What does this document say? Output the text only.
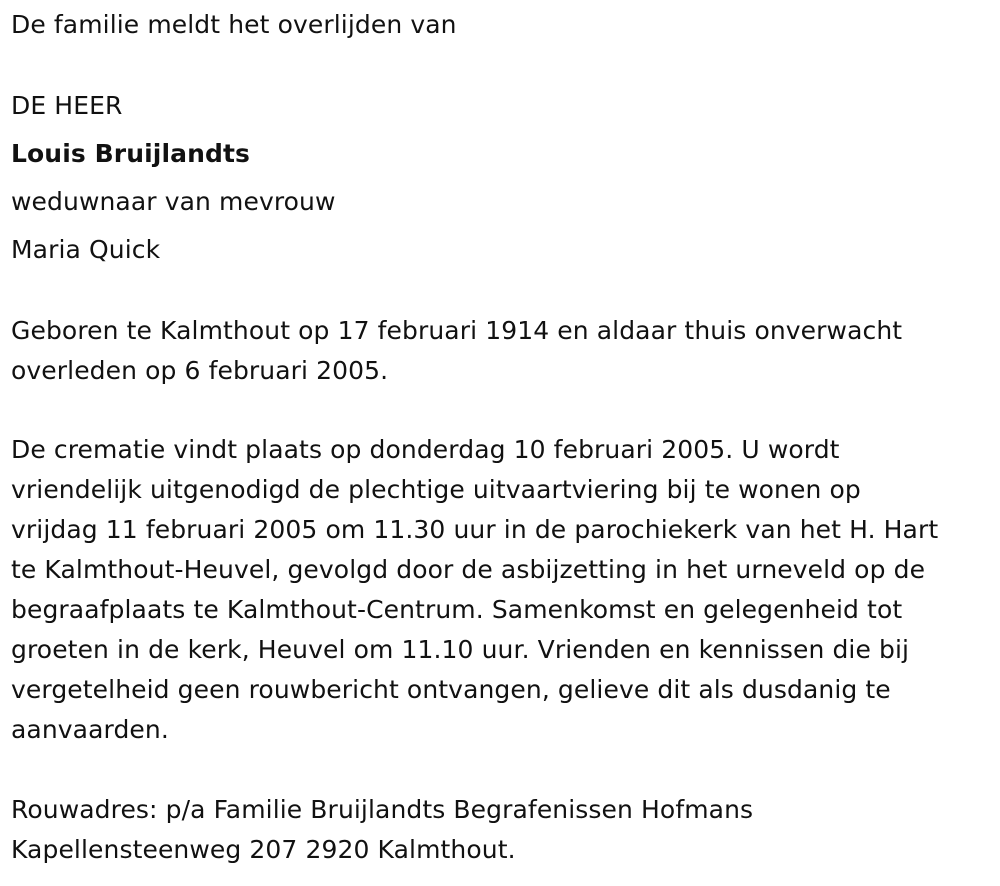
De familie meldt het overlijden van
DE HEER
Louis Bruijlandts
weduwnaar van mevrouw
Maria Quick
Geboren te Kalmthout op 17 februari 1914 en aldaar thuis onverwacht
overleden op 6 februari 2005.
De crematie vindt plaats op donderdag 10 februari 2005. U wordt
vriendelijk uitgenodigd de plechtige uitvaartviering bij te wonen op
vrijdag 11 februari 2005 om 11.30 uur in de parochiekerk van het H. Hart
te Kalmthout-Heuvel, gevolgd door de asbijzetting in het urneveld op de
begraafplaats te Kalmthout-Centrum. Samenkomst en gelegenheid tot
groeten in de kerk, Heuvel om 11.10 uur. Vrienden en kennissen die bij
vergetelheid geen rouwbericht ontvangen, gelieve dit als dusdanig te
aanvaarden.
Rouwadres: p/a Familie Bruijlandts Begrafenissen Hofmans
Kapellensteenweg 207 2920 Kalmthout.
